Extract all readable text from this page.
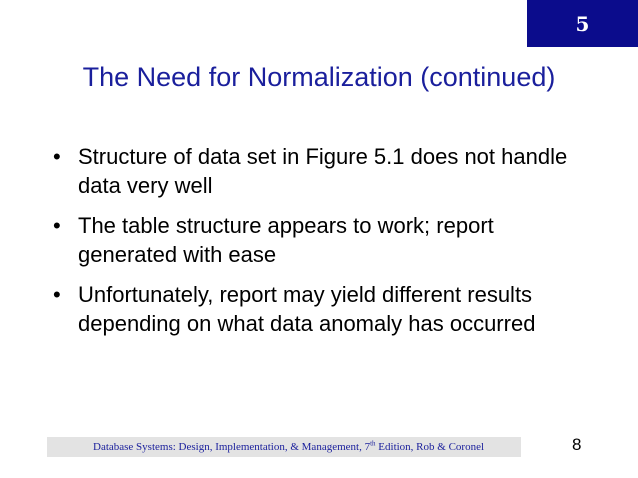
5
The Need for Normalization (continued)
• Structure of data set in Figure 5.1 does not handle data very well
• The table structure appears to work; report generated with ease
• Unfortunately, report may yield different results depending on what data anomaly has occurred
Database Systems: Design, Implementation, & Management, 7th Edition, Rob & Coronel	8
